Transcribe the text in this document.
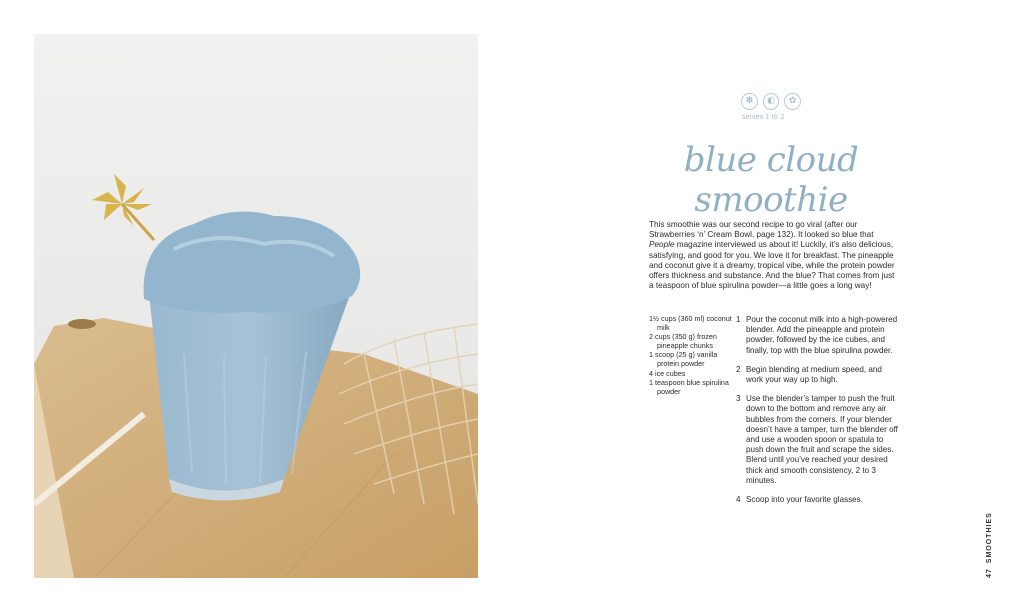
✽	◐	✿
serves 1 to 2
blue cloud smoothie
This smoothie was our second recipe to go viral (after our Strawberries ‘n’ Cream Bowl, page 132). It looked so blue that People magazine interviewed us about it! Luckily, it’s also delicious, satisfying, and good for you. We love it for breakfast. The pineapple and coconut give it a dreamy, tropical vibe, while the protein powder offers thickness and substance. And the blue? That comes from just a teaspoon of blue spirulina powder—a little goes a long way!
1½ cups (360 ml) coconut milk
2 cups (350 g) frozen pineapple chunks
1 scoop (25 g) vanilla protein powder
4 ice cubes
1 teaspoon blue spirulina powder
1 Pour the coconut milk into a high-powered blender. Add the pineapple and protein powder, followed by the ice cubes, and finally, top with the blue spirulina powder.
2 Begin blending at medium speed, and work your way up to high.
3 Use the blender’s tamper to push the fruit down to the bottom and remove any air bubbles from the corners. If your blender doesn’t have a tamper, turn the blender off and use a wooden spoon or spatula to push down the fruit and scrape the sides. Blend until you’ve reached your desired thick and smooth consistency, 2 to 3 minutes.
4 Scoop into your favorite glasses.
47SMOOTHIES
